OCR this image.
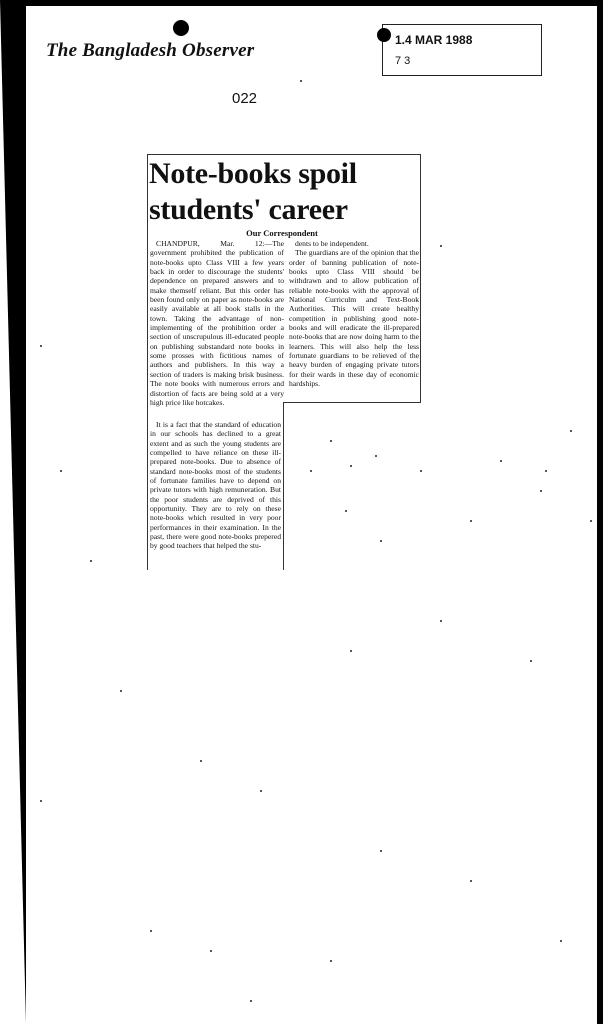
The Bangladesh Observer	1.4 MAR 1988
7 3
022
Note-books spoil
students' career
Our Correspondent

CHANDPUR, Mar. 12:—The government prohibited the publication of note-books upto Class VIII a few years back in order to discourage the students' dependence on prepared answers and to make themself reliant. But this order has been found only on paper as note-books are easily available at all book stalls in the town. Taking the advantage of non-implementing of the prohibition order a section of unscrupulous ill-educated people on publishing substandard note books in some prosses with fictitious names of authors and publishers. In this way a section of traders is making brisk business. The note books with numerous errors and distortion of facts are being sold at a very high price like hotcakes.

dents to be independent.

The guardians are of the opinion that the order of banning publication of note-books upto Class VIII should be withdrawn and to allow publication of reliable note-books with the approval of National Curriculm and Text-Book Authorities. This will create healthy competition in publishing good note-books and will eradicate the ill-prepared note-books that are now doing harm to the learners. This will also help the less fortunate guardians to be relieved of the heavy burden of engaging private tutors for their wards in these day of economic hardships.

It is a fact that the standard of education in our schools has declined to a great extent and as such the young students are compelled to have reliance on these ill-prepared note-books. Due to absence of standard note-books most of the students of fortunate families have to depend on private tutors with high remuneration. But the poor students are deprived of this opportunity. They are to rely on these note-books which resulted in very poor performances in their examination. In the past, there were good note-books prepered by good teachers that helped the stu-
